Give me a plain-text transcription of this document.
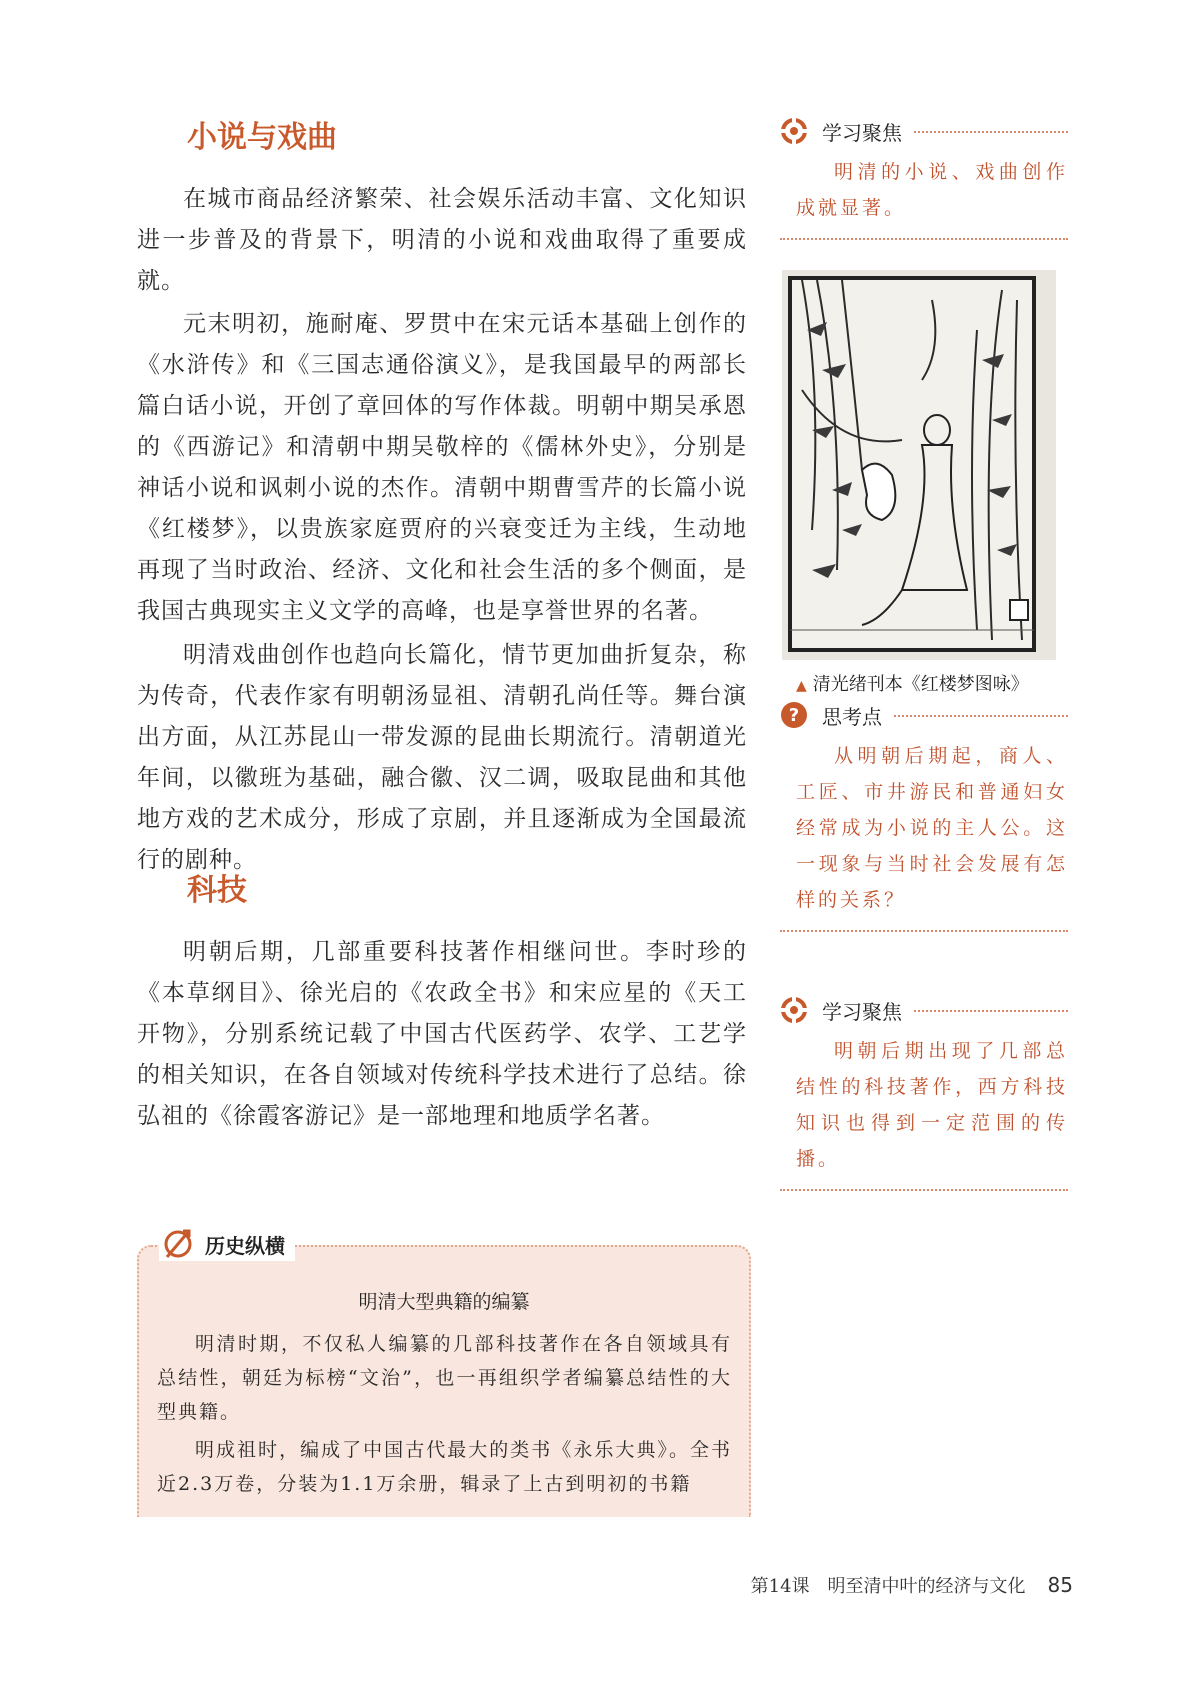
小说与戏曲

在城市商品经济繁荣、社会娱乐活动丰富、文化知识进一步普及的背景下，明清的小说和戏曲取得了重要成就。

元末明初，施耐庵、罗贯中在宋元话本基础上创作的《水浒传》和《三国志通俗演义》，是我国最早的两部长篇白话小说，开创了章回体的写作体裁。明朝中期吴承恩的《西游记》和清朝中期吴敬梓的《儒林外史》，分别是神话小说和讽刺小说的杰作。清朝中期曹雪芹的长篇小说《红楼梦》，以贵族家庭贾府的兴衰变迁为主线，生动地再现了当时政治、经济、文化和社会生活的多个侧面，是我国古典现实主义文学的高峰，也是享誉世界的名著。

明清戏曲创作也趋向长篇化，情节更加曲折复杂，称为传奇，代表作家有明朝汤显祖、清朝孔尚任等。舞台演出方面，从江苏昆山一带发源的昆曲长期流行。清朝道光年间，以徽班为基础，融合徽、汉二调，吸取昆曲和其他地方戏的艺术成分，形成了京剧，并且逐渐成为全国最流行的剧种。

科技

明朝后期，几部重要科技著作相继问世。李时珍的《本草纲目》、徐光启的《农政全书》和宋应星的《天工开物》，分别系统记载了中国古代医药学、农学、工艺学的相关知识，在各自领域对传统科学技术进行了总结。徐弘祖的《徐霞客游记》是一部地理和地质学名著。

学习聚焦

明清的小说、戏曲创作成就显著。

▲ 清光绪刊本《红楼梦图咏》
? 思考点

从明朝后期起，商人、工匠、市井游民和普通妇女经常成为小说的主人公。这一现象与当时社会发展有怎样的关系？

学习聚焦

明朝后期出现了几部总结性的科技著作，西方科技知识也得到一定范围的传播。

历史纵横
明清大型典籍的编纂

明清时期，不仅私人编纂的几部科技著作在各自领域具有总结性，朝廷为标榜“文治”，也一再组织学者编纂总结性的大型典籍。

明成祖时，编成了中国古代最大的类书《永乐大典》。全书近2.3万卷，分装为1.1万余册，辑录了上古到明初的书籍

第14课　明至清中叶的经济与文化 85
